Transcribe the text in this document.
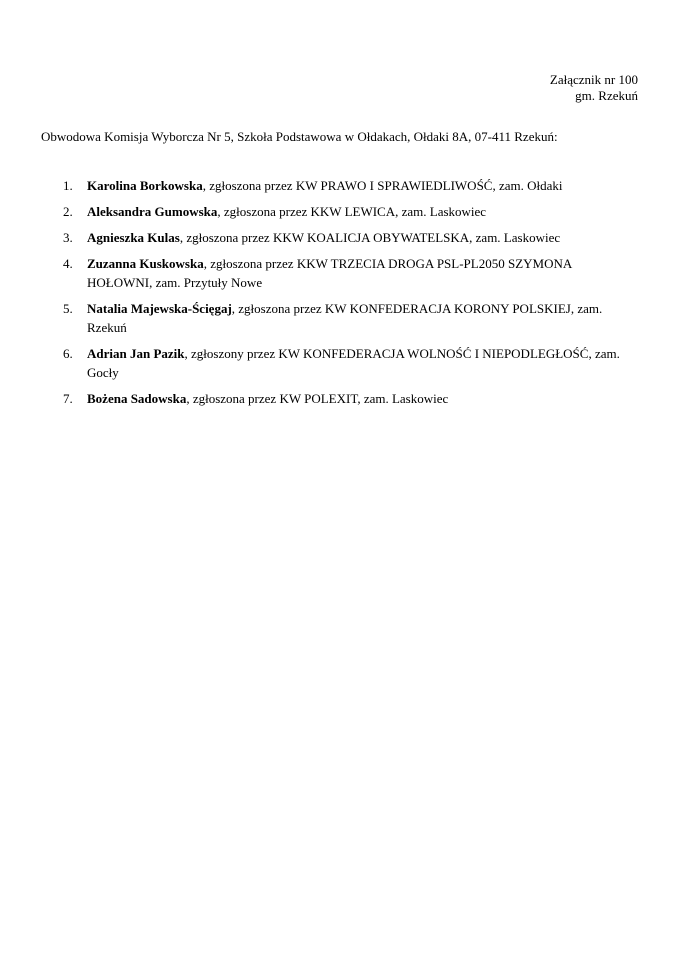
Załącznik nr 100
gm. Rzekuń
Obwodowa Komisja Wyborcza Nr 5, Szkoła Podstawowa w Ołdakach, Ołdaki 8A, 07-411 Rzekuń:
1.	Karolina Borkowska, zgłoszona przez KW PRAWO I SPRAWIEDLIWOŚĆ, zam. Ołdaki
2.	Aleksandra Gumowska, zgłoszona przez KKW LEWICA, zam. Laskowiec
3.	Agnieszka Kulas, zgłoszona przez KKW KOALICJA OBYWATELSKA, zam. Laskowiec
4.	Zuzanna Kuskowska, zgłoszona przez KKW TRZECIA DROGA PSL-PL2050 SZYMONA HOŁOWNI, zam. Przytuły Nowe
5.	Natalia Majewska-Ścięgaj, zgłoszona przez KW KONFEDERACJA KORONY POLSKIEJ, zam. Rzekuń
6.	Adrian Jan Pazik, zgłoszony przez KW KONFEDERACJA WOLNOŚĆ I NIEPODLEGŁOŚĆ, zam. Gocły
7.	Bożena Sadowska, zgłoszona przez KW POLEXIT, zam. Laskowiec
